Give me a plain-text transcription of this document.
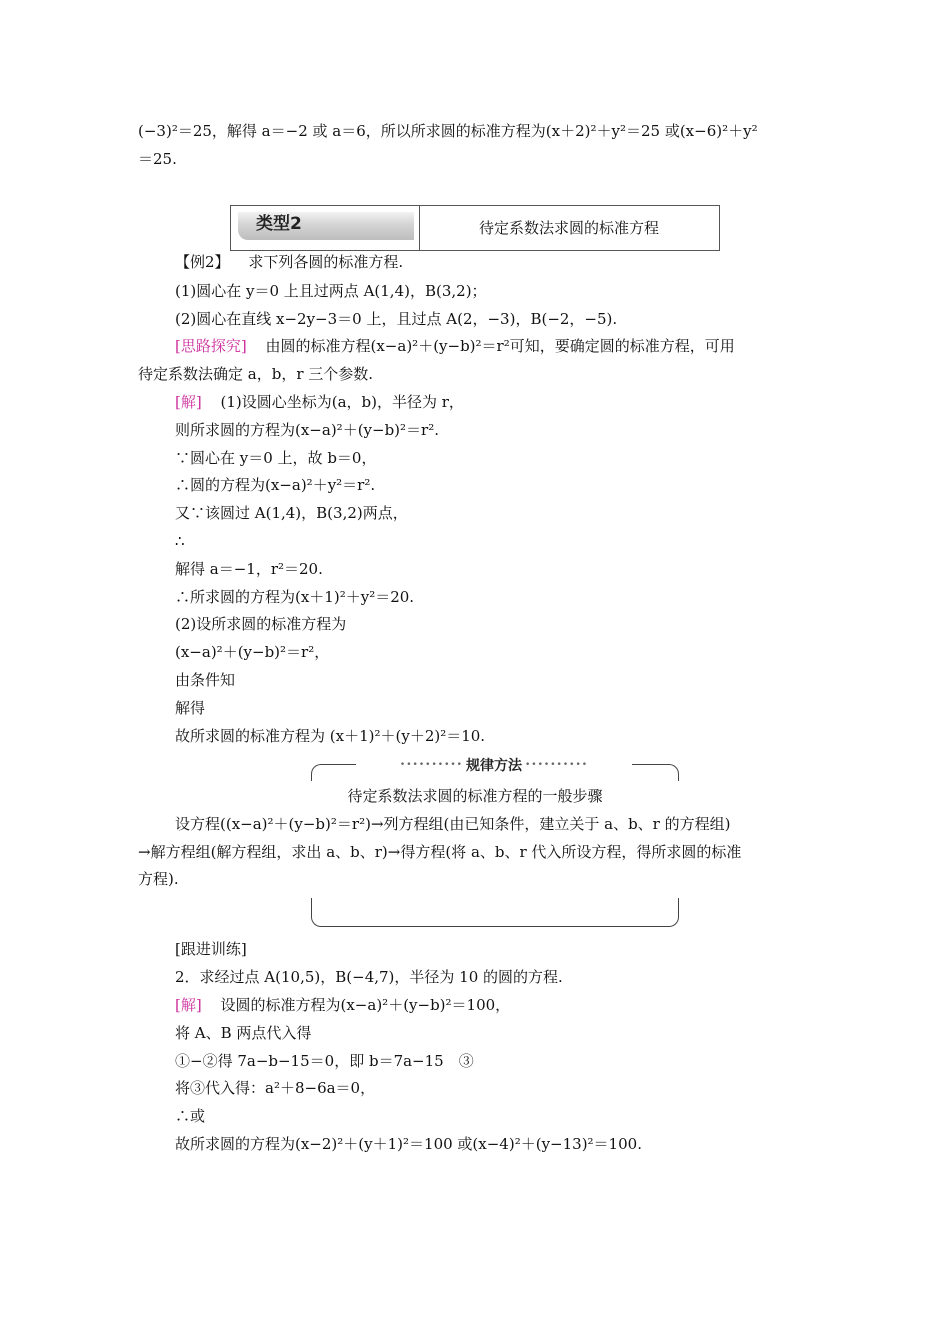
(−3)²＝25，解得 a＝−2 或 a＝6，所以所求圆的标准方程为(x＋2)²＋y²＝25 或(x−6)²＋y²
＝25.
类型2	待定系数法求圆的标准方程
【例2】 求下列各圆的标准方程.
(1)圆心在 y＝0 上且过两点 A(1,4)，B(3,2)；
(2)圆心在直线 x−2y−3＝0 上，且过点 A(2，−3)，B(−2，−5).
[思路探究] 由圆的标准方程(x−a)²＋(y−b)²＝r²可知，要确定圆的标准方程，可用
待定系数法确定 a，b，r 三个参数.
[解] (1)设圆心坐标为(a，b)，半径为 r，
则所求圆的方程为(x−a)²＋(y−b)²＝r².
∵圆心在 y＝0 上，故 b＝0，
∴圆的方程为(x−a)²＋y²＝r².
又∵该圆过 A(1,4)，B(3,2)两点，
∴
解得 a＝−1，r²＝20.
∴所求圆的方程为(x＋1)²＋y²＝20.
(2)设所求圆的标准方程为
(x−a)²＋(y−b)²＝r²，
由条件知
解得
故所求圆的标准方程为 (x＋1)²＋(y＋2)²＝10.
•••••••••• 规律方法 ••••••••••
待定系数法求圆的标准方程的一般步骤
设方程((x−a)²＋(y−b)²＝r²)→列方程组(由已知条件，建立关于 a、b、r 的方程组)
→解方程组(解方程组，求出 a、b、r)→得方程(将 a、b、r 代入所设方程，得所求圆的标准
方程).
[跟进训练]
2．求经过点 A(10,5)，B(−4,7)，半径为 10 的圆的方程.
[解] 设圆的标准方程为(x−a)²＋(y−b)²＝100，
将 A、B 两点代入得
①−②得 7a−b−15＝0，即 b＝7a−15　③
将③代入得：a²＋8−6a＝0，
∴或
故所求圆的方程为(x−2)²＋(y＋1)²＝100 或(x−4)²＋(y−13)²＝100.
